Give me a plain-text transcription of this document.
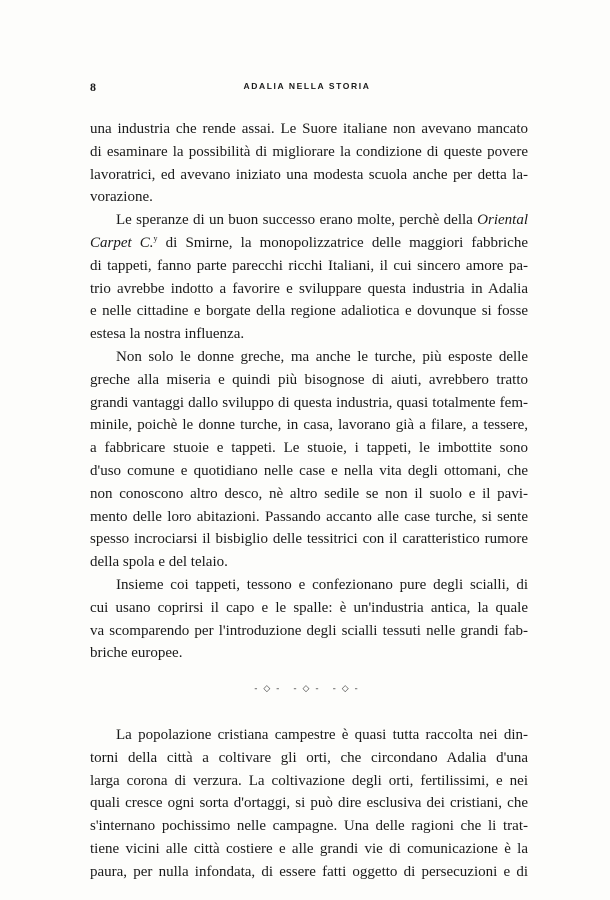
8	ADALIA NELLA STORIA
una industria che rende assai. Le Suore italiane non avevano mancato
di esaminare la possibilità di migliorare la condizione di queste povere
lavoratrici, ed avevano iniziato una modesta scuola anche per detta la-
vorazione.
Le speranze di un buon successo erano molte, perchè della Oriental
Carpet C.$^y$ di Smirne, la monopolizzatrice delle maggiori fabbriche
di tappeti, fanno parte parecchi ricchi Italiani, il cui sincero amore pa-
trio avrebbe indotto a favorire e sviluppare questa industria in Adalia
e nelle cittadine e borgate della regione adaliotica e dovunque si fosse
estesa la nostra influenza.
Non solo le donne greche, ma anche le turche, più esposte delle
greche alla miseria e quindi più bisognose di aiuti, avrebbero tratto
grandi vantaggi dallo sviluppo di questa industria, quasi totalmente fem-
minile, poichè le donne turche, in casa, lavorano già a filare, a tessere,
a fabbricare stuoie e tappeti. Le stuoie, i tappeti, le imbottite sono
d'uso comune e quotidiano nelle case e nella vita degli ottomani, che
non conoscono altro desco, nè altro sedile se non il suolo e il pavi-
mento delle loro abitazioni. Passando accanto alle case turche, si sente
spesso incrociarsi il bisbiglio delle tessitrici con il caratteristico rumore
della spola e del telaio.
Insieme coi tappeti, tessono e confezionano pure degli scialli, di
cui usano coprirsi il capo e le spalle: è un'industria antica, la quale
va scomparendo per l'introduzione degli scialli tessuti nelle grandi fab-
briche europee.
-◇- -◇- -◇-
La popolazione cristiana campestre è quasi tutta raccolta nei din-
torni della città a coltivare gli orti, che circondano Adalia d'una
larga corona di verzura. La coltivazione degli orti, fertilissimi, e nei
quali cresce ogni sorta d'ortaggi, si può dire esclusiva dei cristiani, che
s'internano pochissimo nelle campagne. Una delle ragioni che li trat-
tiene vicini alle città costiere e alle grandi vie di comunicazione è la
paura, per nulla infondata, di essere fatti oggetto di persecuzioni e di
